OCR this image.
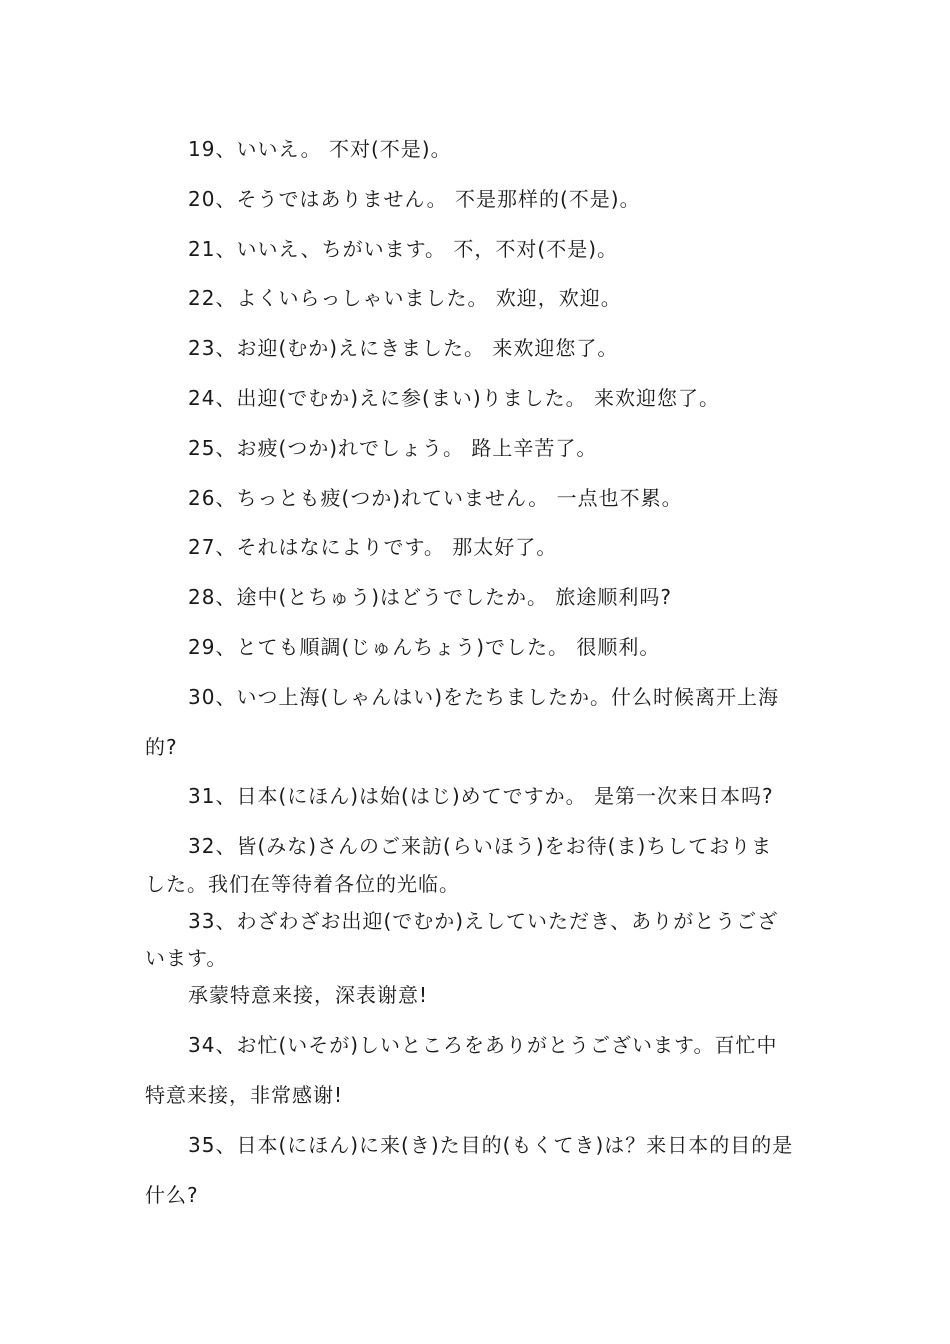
19、いいえ。 不对(不是)。
20、そうではありません。 不是那样的(不是)。
21、いいえ、ちがいます。 不，不对(不是)。
22、よくいらっしゃいました。 欢迎，欢迎。
23、お迎(むか)えにきました。 来欢迎您了。
24、出迎(でむか)えに参(まい)りました。 来欢迎您了。
25、お疲(つか)れでしょう。 路上辛苦了。
26、ちっとも疲(つか)れていません。 一点也不累。
27、それはなによりです。 那太好了。
28、途中(とちゅう)はどうでしたか。 旅途顺利吗?
29、とても順調(じゅんちょう)でした。 很顺利。
30、いつ上海(しゃんはい)をたちましたか。什么时候离开上海
的?
31、日本(にほん)は始(はじ)めてですか。 是第一次来日本吗?
32、皆(みな)さんのご来訪(らいほう)をお待(ま)ちしておりま
した。我们在等待着各位的光临。
33、わざわざお出迎(でむか)えしていただき、ありがとうござ
います。
承蒙特意来接，深表谢意!
34、お忙(いそが)しいところをありがとうございます。百忙中
特意来接，非常感谢!
35、日本(にほん)に来(き)た目的(もくてき)は？来日本的目的是
什么?
